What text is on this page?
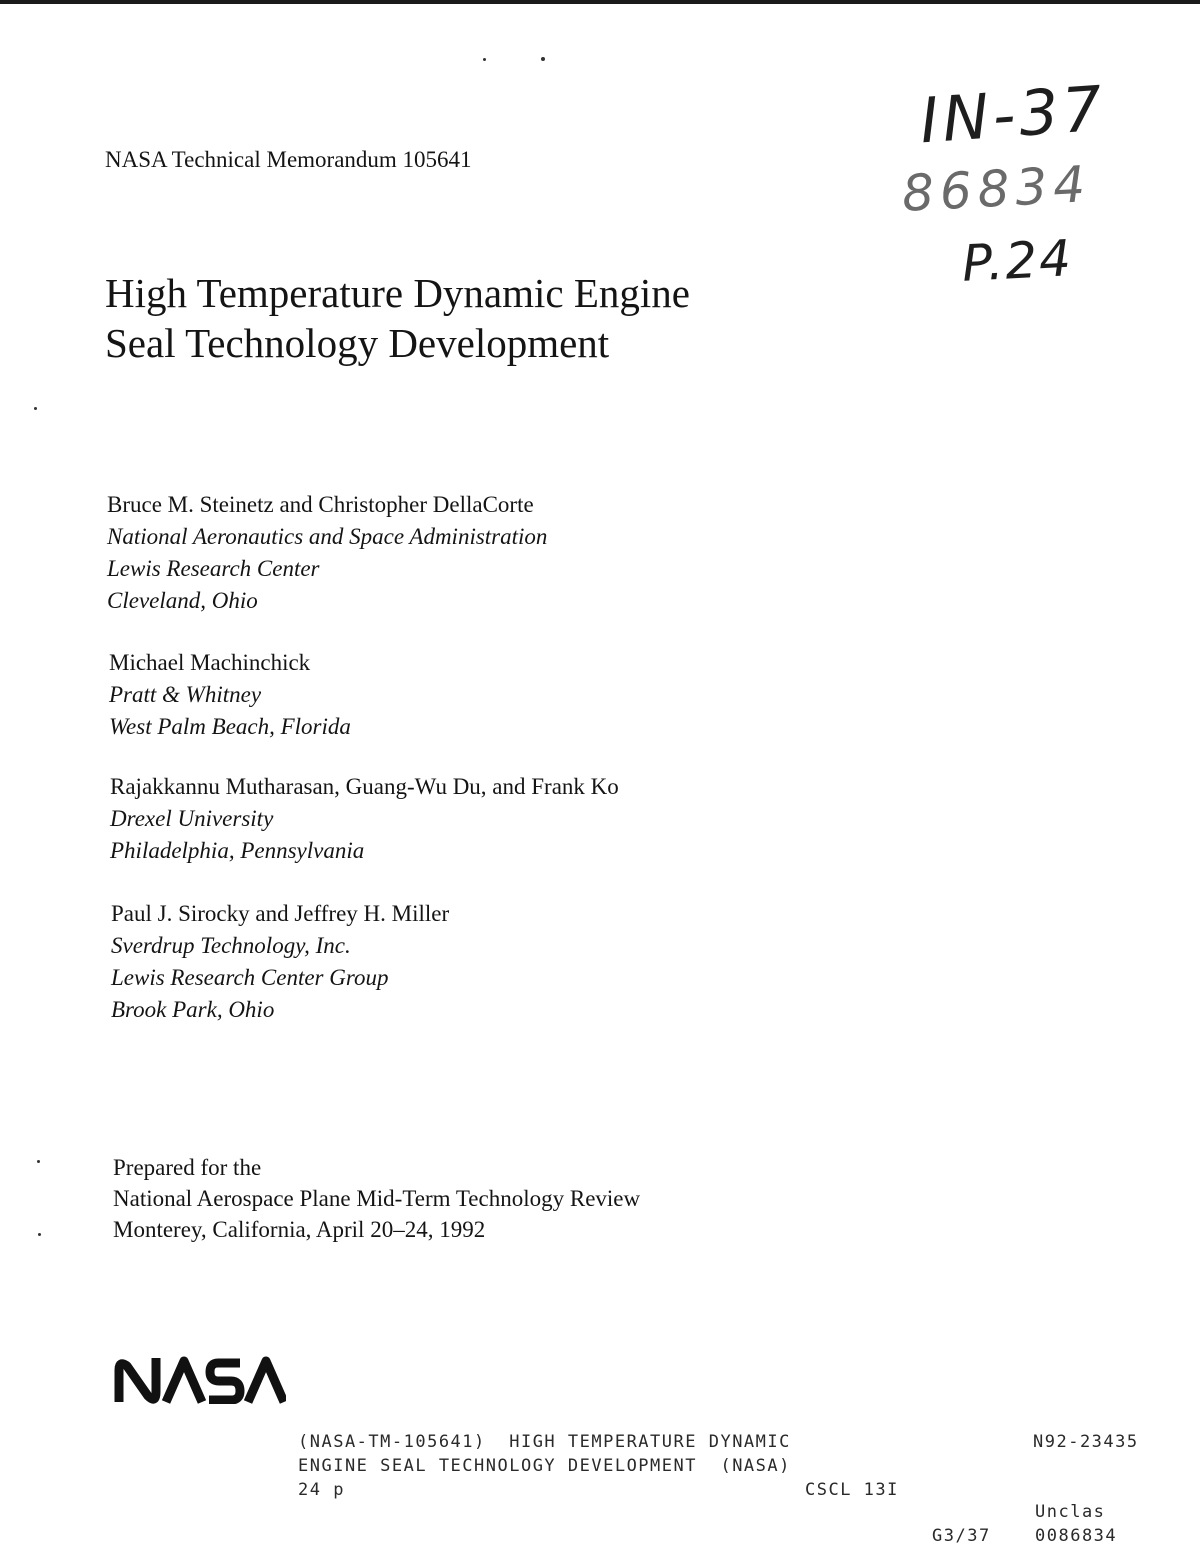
NASA Technical Memorandum 105641
IN-37
86834
P.24
High Temperature Dynamic Engine
Seal Technology Development
Bruce M. Steinetz and Christopher DellaCorte
National Aeronautics and Space Administration
Lewis Research Center
Cleveland, Ohio
Michael Machinchick
Pratt & Whitney
West Palm Beach, Florida
Rajakkannu Mutharasan, Guang-Wu Du, and Frank Ko
Drexel University
Philadelphia, Pennsylvania
Paul J. Sirocky and Jeffrey H. Miller
Sverdrup Technology, Inc.
Lewis Research Center Group
Brook Park, Ohio
Prepared for the
National Aerospace Plane Mid-Term Technology Review
Monterey, California, April 20–24, 1992
(NASA-TM-105641)  HIGH TEMPERATURE DYNAMIC
ENGINE SEAL TECHNOLOGY DEVELOPMENT  (NASA)
24 p	CSCL 13I
N92-23435
Unclas
G3/37	0086834
